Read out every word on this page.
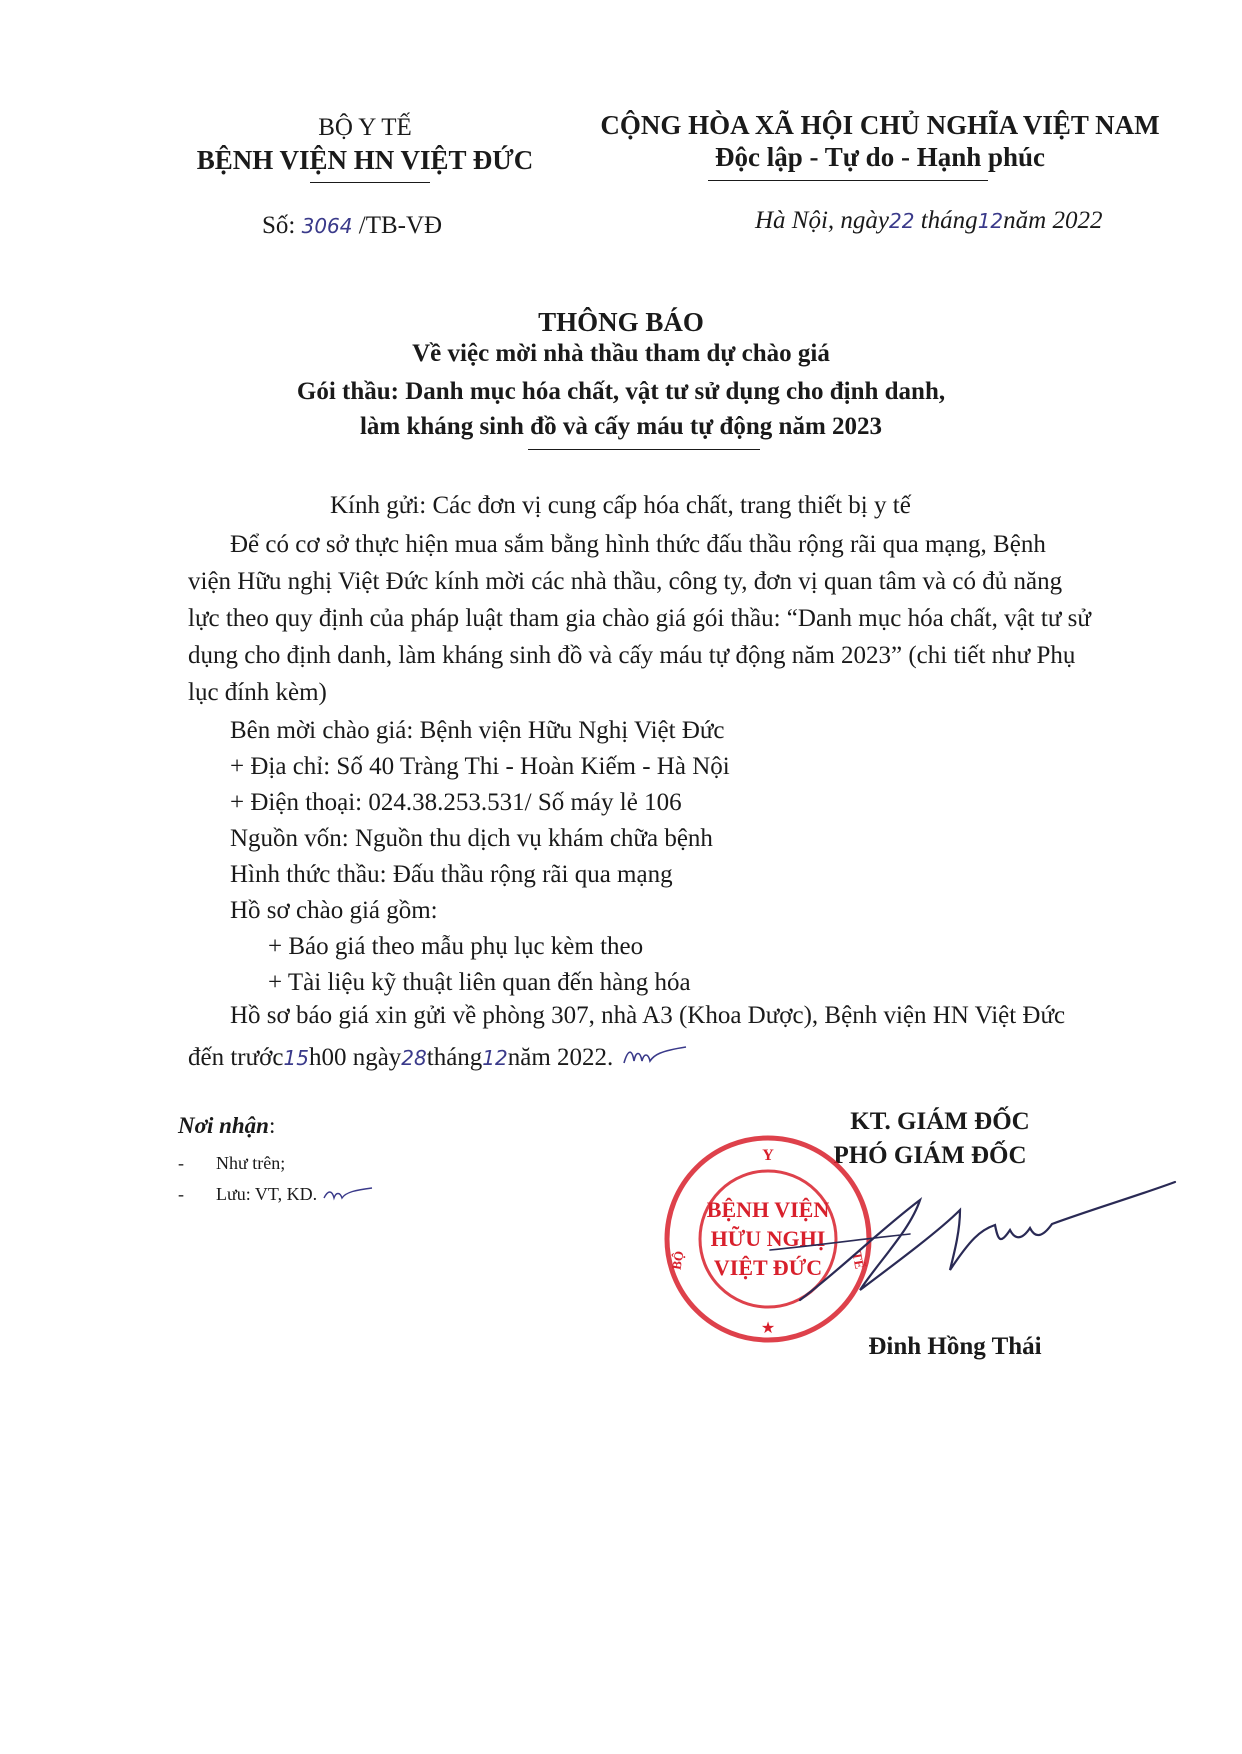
BỘ Y TẾ
BỆNH VIỆN HN VIỆT ĐỨC
CỘNG HÒA XÃ HỘI CHỦ NGHĨA VIỆT NAM
Độc lập - Tự do - Hạnh phúc
Số: 3064 /TB-VĐ	Hà Nội, ngày22 tháng12năm 2022
THÔNG BÁO
Về việc mời nhà thầu tham dự chào giá
Gói thầu: Danh mục hóa chất, vật tư sử dụng cho định danh,
làm kháng sinh đồ và cấy máu tự động năm 2023
Kính gửi: Các đơn vị cung cấp hóa chất, trang thiết bị y tế
Để có cơ sở thực hiện mua sắm bằng hình thức đấu thầu rộng rãi qua mạng, Bệnh
viện Hữu nghị Việt Đức kính mời các nhà thầu, công ty, đơn vị quan tâm và có đủ năng
lực theo quy định của pháp luật tham gia chào giá gói thầu: “Danh mục hóa chất, vật tư sử
dụng cho định danh, làm kháng sinh đồ và cấy máu tự động năm 2023” (chi tiết như Phụ
lục đính kèm)
Bên mời chào giá: Bệnh viện Hữu Nghị Việt Đức
+ Địa chỉ: Số 40 Tràng Thi - Hoàn Kiếm - Hà Nội
+ Điện thoại: 024.38.253.531/ Số máy lẻ 106
Nguồn vốn: Nguồn thu dịch vụ khám chữa bệnh
Hình thức thầu: Đấu thầu rộng rãi qua mạng
Hồ sơ chào giá gồm:
+ Báo giá theo mẫu phụ lục kèm theo
+ Tài liệu kỹ thuật liên quan đến hàng hóa
Hồ sơ báo giá xin gửi về phòng 307, nhà A3 (Khoa Dược), Bệnh viện HN Việt Đức
đến trước15h00 ngày28tháng12năm 2022.
Nơi nhận:
- Như trên;
- Lưu: VT, KD.
KT. GIÁM ĐỐC
PHÓ GIÁM ĐỐC
Y
BỘ	TẾ
BỆNH VIỆN
HỮU NGHỊ
VIỆT ĐỨC
★
Đinh Hồng Thái
